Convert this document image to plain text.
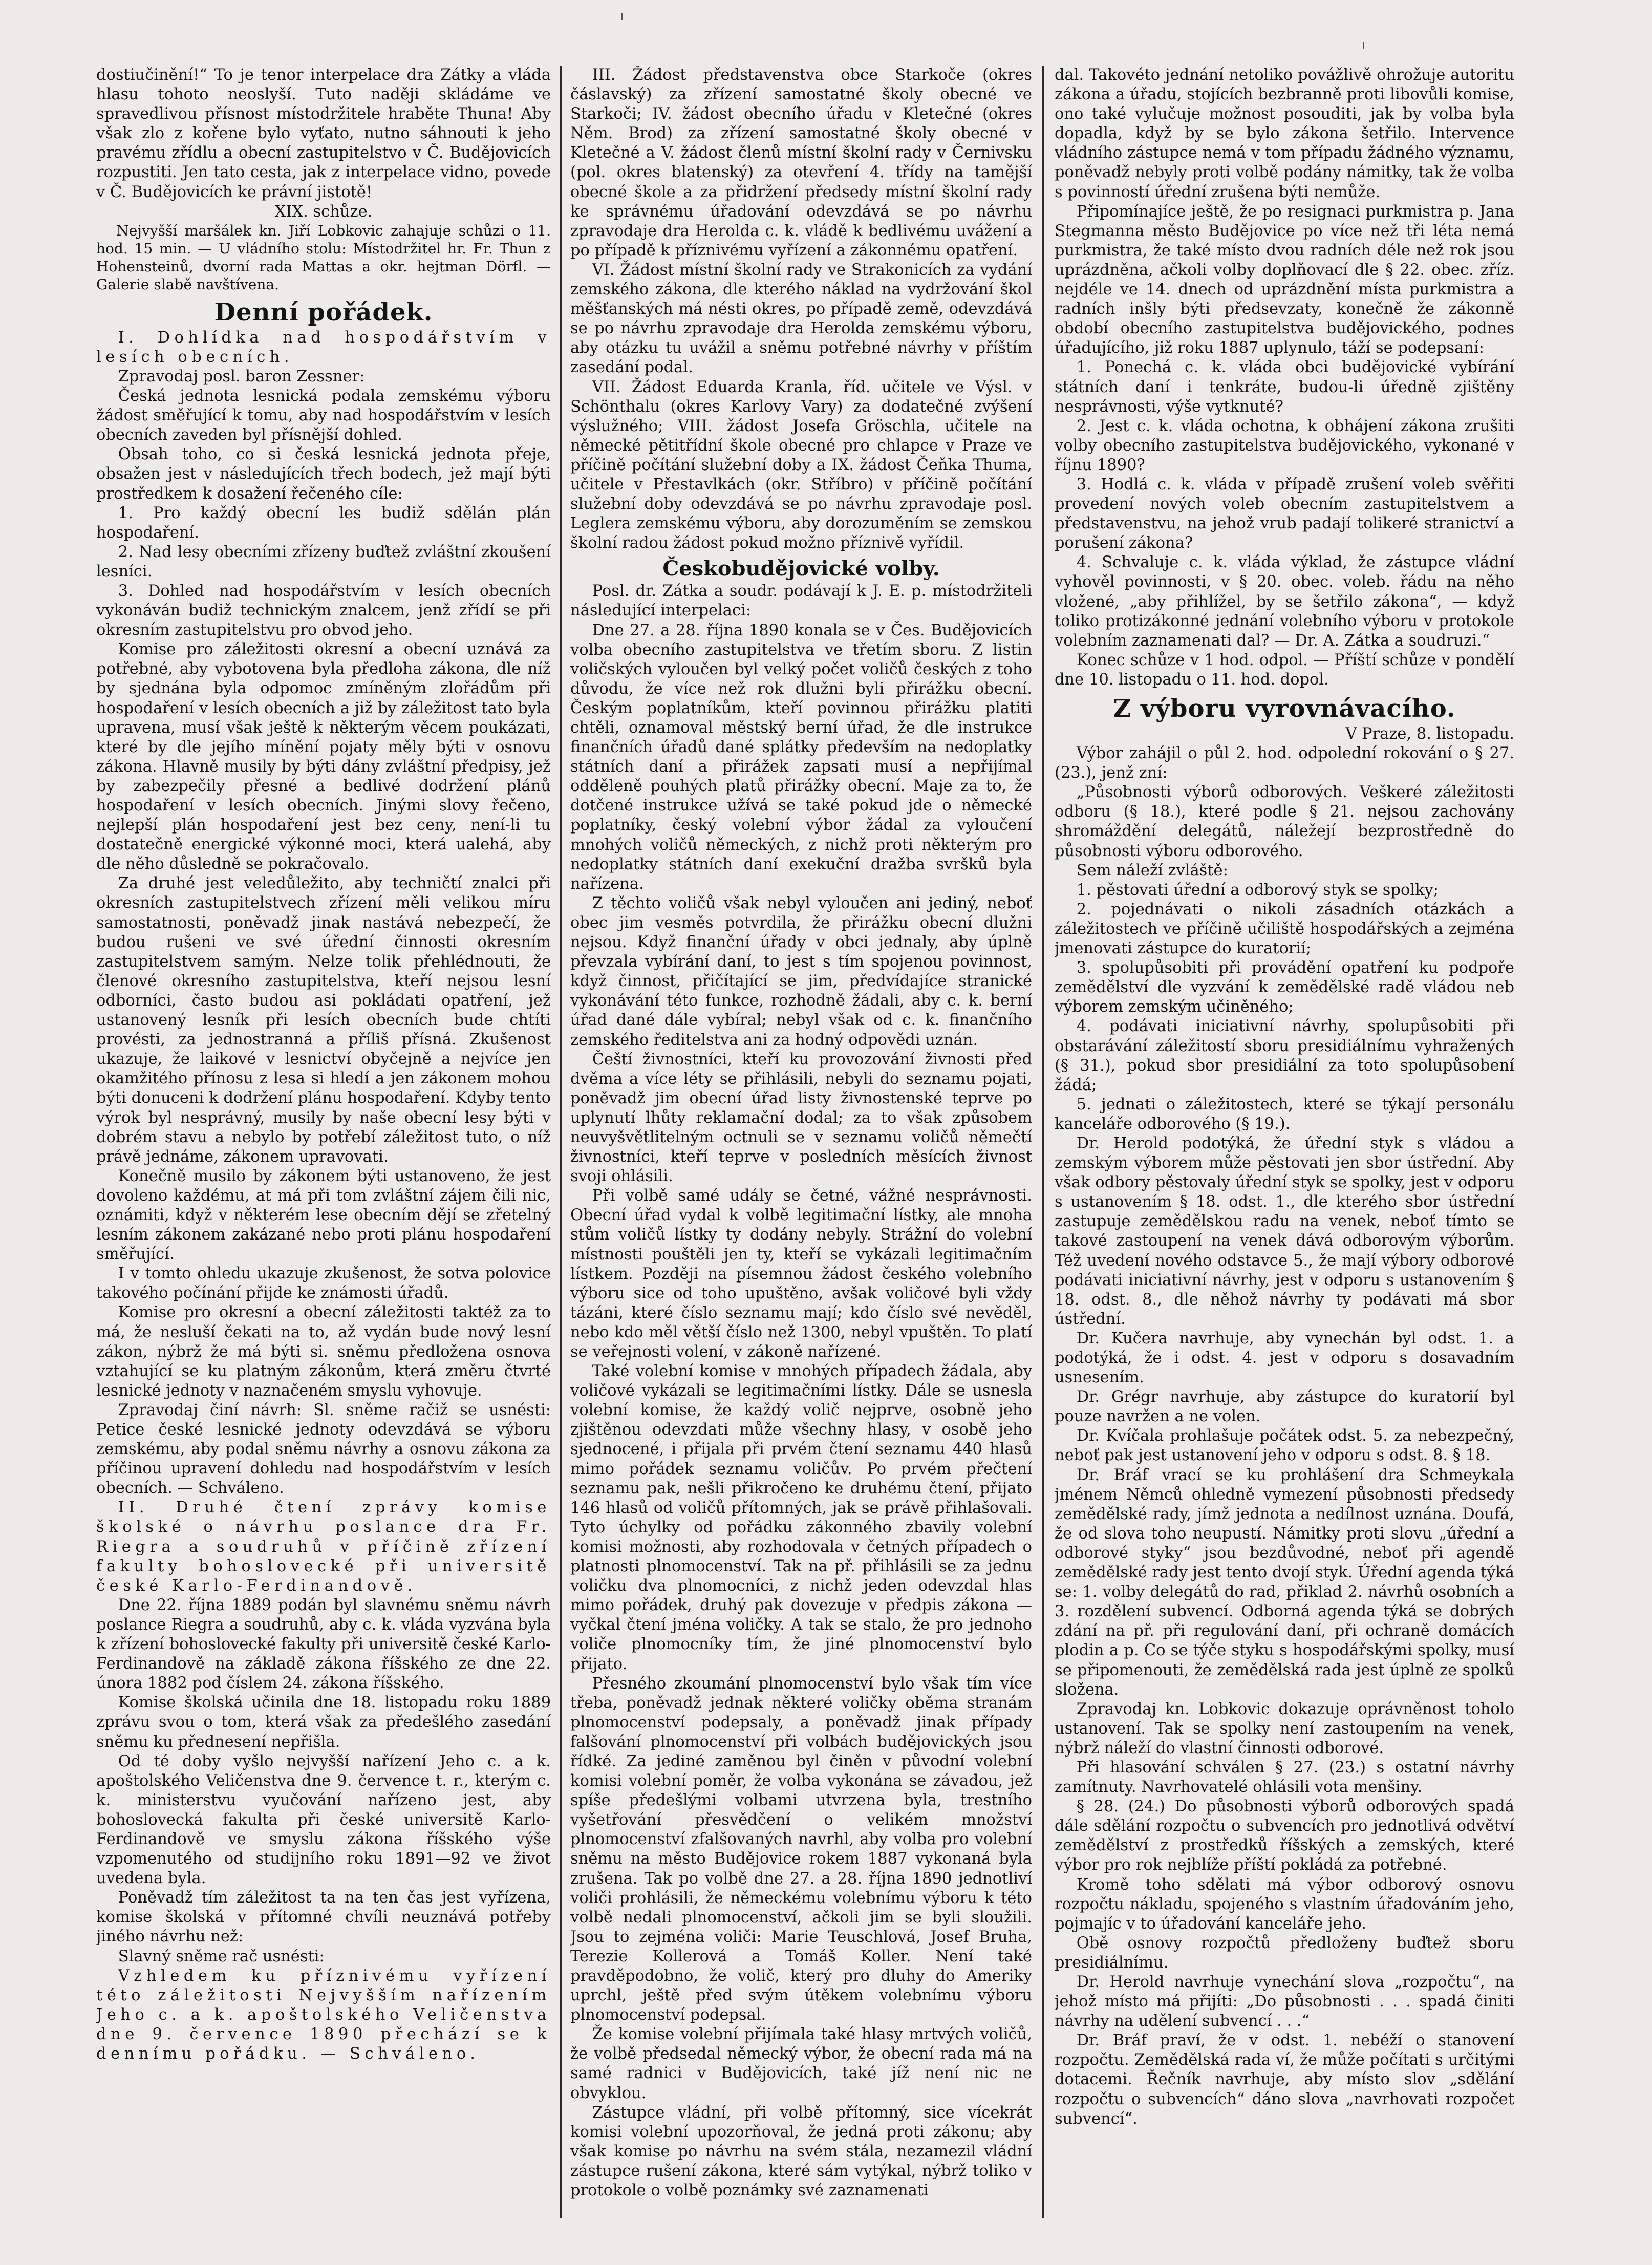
dostiučinění!“ To je tenor interpelace dra Zátky a vláda hlasu tohoto neoslyší. Tuto naději skládáme ve spravedlivou přísnost místodržitele hraběte Thuna! Aby však zlo z kořene bylo vyťato, nutno sáhnouti k jeho pravému zřídlu a obecní zastupitelstvo v Č. Budějovicích rozpustiti. Jen tato cesta, jak z interpelace vidno, povede v Č. Budějovicích ke právní jistotě!

XIX. schůze.

Nejvyšší maršálek kn. Jiří Lobkovic zahajuje schůzi o 11. hod. 15 min. — U vládního stolu: Místodržitel hr. Fr. Thun z Hohensteinů, dvorní rada Mattas a okr. hejtman Dörfl. — Galerie slabě navštívena.

Denní pořádek.

I. Dohlídka nad hospodářstvím v lesích obecních.

Zpravodaj posl. baron Zessner:

Česká jednota lesnická podala zemskému výboru žádost směřující k tomu, aby nad hospodářstvím v lesích obecních zaveden byl přísnější dohled.

Obsah toho, co si česká lesnická jednota přeje, obsažen jest v následujících třech bodech, jež mají býti prostředkem k dosažení řečeného cíle:

1. Pro každý obecní les budiž sdělán plán hospodaření.

2. Nad lesy obecními zřízeny buďtež zvláštní zkoušení lesníci.

3. Dohled nad hospodářstvím v lesích obecních vykonáván budiž technickým znalcem, jenž zřídí se při okresním zastupitelstvu pro obvod jeho.

Komise pro záležitosti okresní a obecní uznává za potřebné, aby vybotovena byla předloha zákona, dle níž by sjednána byla odpomoc zmíněným zlořádům při hospodaření v lesích obecních a již by záležitost tato byla upravena, musí však ještě k některým věcem poukázati, které by dle jejího mínění pojaty měly býti v osnovu zákona. Hlavně musily by býti dány zvláštní předpisy, jež by zabezpečily přesné a bedlivé dodržení plánů hospodaření v lesích obecních. Jinými slovy řečeno, nejlepší plán hospodaření jest bez ceny, není-li tu dostatečně energické výkonné moci, která ualehá, aby dle něho důsledně se pokračovalo.

Za druhé jest veledůležito, aby techničtí znalci při okresních zastupitelstvech zřízení měli velikou míru samostatnosti, poněvadž jinak nastává nebezpečí, že budou rušeni ve své úřední činnosti okresním zastupitelstvem samým. Nelze tolik přehlédnouti, že členové okresního zastupitelstva, kteří nejsou lesní odborníci, často budou asi pokládati opatření, jež ustanovený lesník při lesích obecních bude chtíti provésti, za jednostranná a příliš přísná. Zkušenost ukazuje, že laikové v lesnictví obyčejně a nejvíce jen okamžitého přínosu z lesa si hledí a jen zákonem mohou býti donuceni k dodržení plánu hospodaření. Kdyby tento výrok byl nesprávný, musily by naše obecní lesy býti v dobrém stavu a nebylo by potřebí záležitost tuto, o níž právě jednáme, zákonem upravovati.

Konečně musilo by zákonem býti ustanoveno, že jest dovoleno každému, at má při tom zvláštní zájem čili nic, oznámiti, když v některém lese obecním dějí se zřetelný lesním zákonem zakázané nebo proti plánu hospodaření směřující.

I v tomto ohledu ukazuje zkušenost, že sotva polovice takového počínání přijde ke známosti úřadů.

Komise pro okresní a obecní záležitosti taktéž za to má, že nesluší čekati na to, až vydán bude nový lesní zákon, nýbrž že má býti si. sněmu předložena osnova vztahující se ku platným zákonům, která změru čtvrté lesnické jednoty v naznačeném smyslu vyhovuje.

Zpravodaj činí návrh: Sl. sněme račiž se usnésti: Petice české lesnické jednoty odevzdává se výboru zemskému, aby podal sněmu návrhy a osnovu zákona za příčinou upravení dohledu nad hospodářstvím v lesích obecních. — Schváleno.

II. Druhé čtení zprávy komise školské o návrhu poslance dra Fr. Riegra a soudruhů v příčině zřízení fakulty bohoslovecké při universitě české Karlo-Ferdinandově.

Dne 22. října 1889 podán byl slavnému sněmu návrh poslance Riegra a soudruhů, aby c. k. vláda vyzvána byla k zřízení bohoslovecké fakulty při universitě české Karlo-Ferdinandově na základě zákona říšského ze dne 22. února 1882 pod číslem 24. zákona říšského.

Komise školská učinila dne 18. listopadu roku 1889 zprávu svou o tom, která však za předešlého zasedání sněmu ku přednesení nepřišla.

Od té doby vyšlo nejvyšší nařízení Jeho c. a k. apoštolského Veličenstva dne 9. července t. r., kterým c. k. ministerstvu vyučování nařízeno jest, aby bohoslovecká fakulta při české universitě Karlo-Ferdinandově ve smyslu zákona říšského výše vzpomenutého od studijního roku 1891—92 ve život uvedena byla.

Poněvadž tím záležitost ta na ten čas jest vyřízena, komise školská v přítomné chvíli neuznává potřeby jiného návrhu než:

Slavný sněme rač usnésti:

Vzhledem ku příznivému vyřízení této záležitosti Nejvyšším nařízením Jeho c. a k. apoštolského Veličenstva dne 9. července 1890 přechází se k dennímu pořádku. — Schváleno.

III. Žádost představenstva obce Starkoče (okres čáslavský) za zřízení samostatné školy obecné ve Starkoči; IV. žádost obecního úřadu v Kletečné (okres Něm. Brod) za zřízení samostatné školy obecné v Kletečné a V. žádost členů místní školní rady v Černivsku (pol. okres blatenský) za otevření 4. třídy na tamější obecné škole a za přidržení předsedy místní školní rady ke správnému úřadování odevzdává se po návrhu zpravodaje dra Herolda c. k. vládě k bedlivému uvážení a po případě k příznivému vyřízení a zákonnému opatření.

VI. Žádost místní školní rady ve Strakonicích za vydání zemského zákona, dle kterého náklad na vydržování škol měšťanských má nésti okres, po případě země, odevzdává se po návrhu zpravodaje dra Herolda zemskému výboru, aby otázku tu uvážil a sněmu potřebné návrhy v příštím zasedání podal.

VII. Žádost Eduarda Kranla, říd. učitele ve Výsl. v Schönthalu (okres Karlovy Vary) za dodatečné zvýšení výslužného; VIII. žádost Josefa Gröschla, učitele na německé pětitřídní škole obecné pro chlapce v Praze ve příčině počítání služební doby a IX. žádost Čeňka Thuma, učitele v Přestavlkách (okr. Stříbro) v příčině počítání služební doby odevzdává se po návrhu zpravodaje posl. Leglera zemskému výboru, aby dorozuměním se zemskou školní radou žádost pokud možno příznivě vyřídil.

Českobudějovické volby.

Posl. dr. Zátka a soudr. podávají k J. E. p. místodržiteli následující interpelaci:

Dne 27. a 28. října 1890 konala se v Čes. Budějovicích volba obecního zastupitelstva ve třetím sboru. Z listin voličských vyloučen byl velký počet voličů českých z toho důvodu, že více než rok dlužni byli přirážku obecní. Českým poplatníkům, kteří povinnou přirážku platiti chtěli, oznamoval městský berní úřad, že dle instrukce finančních úřadů dané splátky především na nedoplatky státních daní a přirážek zapsati musí a nepřijímal odděleně pouhých platů přirážky obecní. Maje za to, že dotčené instrukce užívá se také pokud jde o německé poplatníky, český volební výbor žádal za vyloučení mnohých voličů německých, z nichž proti některým pro nedoplatky státních daní exekuční dražba svršků byla nařízena.

Z těchto voličů však nebyl vyloučen ani jediný, neboť obec jim vesměs potvrdila, že přirážku obecní dlužni nejsou. Když finanční úřady v obci jednaly, aby úplně převzala vybírání daní, to jest s tím spojenou povinnost, když činnost, přičítající se jim, předvídajíce stranické vykonávání této funkce, rozhodně žádali, aby c. k. berní úřad dané dále vybíral; nebyl však od c. k. finančního zemského ředitelstva ani za hodný odpovědi uznán.

Čeští živnostníci, kteří ku provozování živnosti před dvěma a více léty se přihlásili, nebyli do seznamu pojati, poněvadž jim obecní úřad listy živnostenské teprve po uplynutí lhůty reklamační dodal; za to však způsobem neuvyšvětlitelným octnuli se v seznamu voličů němečtí živnostníci, kteří teprve v posledních měsících živnost svoji ohlásili.

Při volbě samé udály se četné, vážné nesprávnosti. Obecní úřad vydal k volbě legitimační lístky, ale mnoha stům voličů lístky ty dodány nebyly. Strážní do volební místnosti pouštěli jen ty, kteří se vykázali legitimačním lístkem. Později na písemnou žádost českého volebního výboru sice od toho upuštěno, avšak voličové byli vždy tázáni, které číslo seznamu mají; kdo číslo své nevěděl, nebo kdo měl větší číslo než 1300, nebyl vpuštěn. To platí se veřejnosti volení, v zákoně nařízené.

Také volební komise v mnohých případech žádala, aby voličové vykázali se legitimačními lístky. Dále se usnesla volební komise, že každý volič nejprve, osobně jeho zjištěnou odevzdati může všechny hlasy, v osobě jeho sjednocené, i přijala při prvém čtení seznamu 440 hlasů mimo pořádek seznamu voličův. Po prvém přečtení seznamu pak, nešli přikročeno ke druhému čtení, přijato 146 hlasů od voličů přítomných, jak se právě přihlašovali. Tyto úchylky od pořádku zákonného zbavily volební komisi možnosti, aby rozhodovala v četných případech o platnosti plnomocenství. Tak na př. přihlásili se za jednu voličku dva plnomocníci, z nichž jeden odevzdal hlas mimo pořádek, druhý pak dovezuje v předpis zákona — vyčkal čtení jména voličky. A tak se stalo, že pro jednoho voliče plnomocníky tím, že jiné plnomocenství bylo přijato.

Přesného zkoumání plnomocenství bylo však tím více třeba, poněvadž jednak některé voličky oběma stranám plnomocenství podepsaly, a poněvadž jinak případy falšování plnomocenství při volbách budějovických jsou řídké. Za jediné zaměnou byl činěn v původní volební komisi volební poměr, že volba vykonána se závadou, jež spíše předešlými volbami utvrzena byla, trestního vyšetřování přesvědčení o velikém množství plnomocenství zfalšovaných navrhl, aby volba pro volební sněmu na město Budějovice rokem 1887 vykonaná byla zrušena. Tak po volbě dne 27. a 28. října 1890 jednotliví voliči prohlásili, že německému volebnímu výboru k této volbě nedali plnomocenství, ačkoli jim se byli sloužili. Jsou to zejména voliči: Marie Teuschlová, Josef Bruha, Terezie Kollerová a Tomáš Koller. Není také pravděpodobno, že volič, který pro dluhy do Ameriky uprchl, ještě před svým útěkem volebnímu výboru plnomocenství podepsal.

Že komise volební přijímala také hlasy mrtvých voličů, že volbě předsedal německý výbor, že obecní rada má na samé radnici v Budějovicích, také jíž není nic ne obvyklou.

Zástupce vládní, při volbě přítomný, sice vícekrát komisi volební upozorňoval, že jedná proti zákonu; aby však komise po návrhu na svém stála, nezamezil vládní zástupce rušení zákona, které sám vytýkal, nýbrž toliko v protokole o volbě poznámky své zaznamenati

dal. Takovéto jednání netoliko povážlivě ohrožuje autoritu zákona a úřadu, stojících bezbranně proti libovůli komise, ono také vylučuje možnost posouditi, jak by volba byla dopadla, když by se bylo zákona šetřilo. Intervence vládního zástupce nemá v tom případu žádného významu, poněvadž nebyly proti volbě podány námitky, tak že volba s povinností úřední zrušena býti nemůže.

Připomínajíce ještě, že po resignaci purkmistra p. Jana Stegmanna město Budějovice po více než tři léta nemá purkmistra, že také místo dvou radních déle než rok jsou uprázdněna, ačkoli volby doplňovací dle § 22. obec. zříz. nejdéle ve 14. dnech od uprázdnění místa purkmistra a radních inšly býti předsevzaty, konečně že zákonně období obecního zastupitelstva budějovického, podnes úřadujícího, již roku 1887 uplynulo, táží se podepsaní:

1. Ponechá c. k. vláda obci budějovické vybírání státních daní i tenkráte, budou-li úředně zjištěny nesprávnosti, výše vytknuté?

2. Jest c. k. vláda ochotna, k obhájení zákona zrušiti volby obecního zastupitelstva budějovického, vykonané v říjnu 1890?

3. Hodlá c. k. vláda v případě zrušení voleb svěřiti provedení nových voleb obecním zastupitelstvem a představenstvu, na jehož vrub padají tolikeré stranictví a porušení zákona?

4. Schvaluje c. k. vláda výklad, že zástupce vládní vyhověl povinnosti, v § 20. obec. voleb. řádu na něho vložené, „aby přihlížel, by se šetřilo zákona“, — když toliko protizákonné jednání volebního výboru v protokole volebním zaznamenati dal? — Dr. A. Zátka a soudruzi.“

Konec schůze v 1 hod. odpol. — Příští schůze v pondělí dne 10. listopadu o 11. hod. dopol.

Z výboru vyrovnávacího.

V Praze, 8. listopadu.

Výbor zahájil o půl 2. hod. odpolední rokování o § 27. (23.), jenž zní:

„Působnosti výborů odborových. Veškeré záležitosti odboru (§ 18.), které podle § 21. nejsou zachovány shromáždění delegátů, náležejí bezprostředně do působnosti výboru odborového.

Sem náleží zvláště:

1. pěstovati úřední a odborový styk se spolky;

2. pojednávati o nikoli zásadních otázkách a záležitostech ve příčině učiliště hospodářských a zejména jmenovati zástupce do kuratorií;

3. spolupůsobiti při provádění opatření ku podpoře zemědělství dle vyzvání k zemědělské radě vládou neb výborem zemským učiněného;

4. podávati iniciativní návrhy, spolupůsobiti při obstarávání záležitostí sboru presidiálnímu vyhražených (§ 31.), pokud sbor presidiální za toto spolupůsobení žádá;

5. jednati o záležitostech, které se týkají personálu kanceláře odborového (§ 19.).

Dr. Herold podotýká, že úřední styk s vládou a zemským výborem může pěstovati jen sbor ústřední. Aby však odbory pěstovaly úřední styk se spolky, jest v odporu s ustanovením § 18. odst. 1., dle kterého sbor ústřední zastupuje zemědělskou radu na venek, neboť tímto se takové zastoupení na venek dává odborovým výborům. Též uvedení nového odstavce 5., že mají výbory odborové podávati iniciativní návrhy, jest v odporu s ustanovením § 18. odst. 8., dle něhož návrhy ty podávati má sbor ústřední.

Dr. Kučera navrhuje, aby vynechán byl odst. 1. a podotýká, že i odst. 4. jest v odporu s dosavadním usnesením.

Dr. Grégr navrhuje, aby zástupce do kuratorií byl pouze navržen a ne volen.

Dr. Kvíčala prohlašuje počátek odst. 5. za nebezpečný, neboť pak jest ustanovení jeho v odporu s odst. 8. § 18.

Dr. Bráf vrací se ku prohlášení dra Schmeykala jménem Němců ohledně vymezení působnosti předsedy zemědělské rady, jímž jednota a nedílnost uznána. Doufá, že od slova toho neupustí. Námitky proti slovu „úřední a odborové styky“ jsou bezdůvodné, neboť při agendě zemědělské rady jest tento dvojí styk. Úřední agenda týká se: 1. volby delegátů do rad, přiklad 2. návrhů osobních a 3. rozdělení subvencí. Odborná agenda týká se dobrých zdání na př. při regulování daní, při ochraně domácích plodin a p. Co se týče styku s hospodářskými spolky, musí se připomenouti, že zemědělská rada jest úplně ze spolků složena.

Zpravodaj kn. Lobkovic dokazuje oprávněnost toholo ustanovení. Tak se spolky není zastoupením na venek, nýbrž náleží do vlastní činnosti odborové.

Při hlasování schválen § 27. (23.) s ostatní návrhy zamítnuty. Navrhovatelé ohlásili vota menšiny.

§ 28. (24.) Do působnosti výborů odborových spadá dále sdělání rozpočtu o subvencích pro jednotlivá odvětví zemědělství z prostředků říšských a zemských, které výbor pro rok nejblíže příští pokládá za potřebné.

Kromě toho sdělati má výbor odborový osnovu rozpočtu nákladu, spojeného s vlastním úřadováním jeho, pojmajíc v to úřadování kanceláře jeho.

Obě osnovy rozpočtů předloženy buďtež sboru presidiálnímu.

Dr. Herold navrhuje vynechání slova „rozpočtu“, na jehož místo má přijíti: „Do působnosti . . . spadá činiti návrhy na udělení subvencí . . .“

Dr. Bráf praví, že v odst. 1. nebéží o stanovení rozpočtu. Zemědělská rada ví, že může počítati s určitými dotacemi. Řečník navrhuje, aby místo slov „sdělání rozpočtu o subvencích“ dáno slova „navrhovati rozpočet subvencí“.
